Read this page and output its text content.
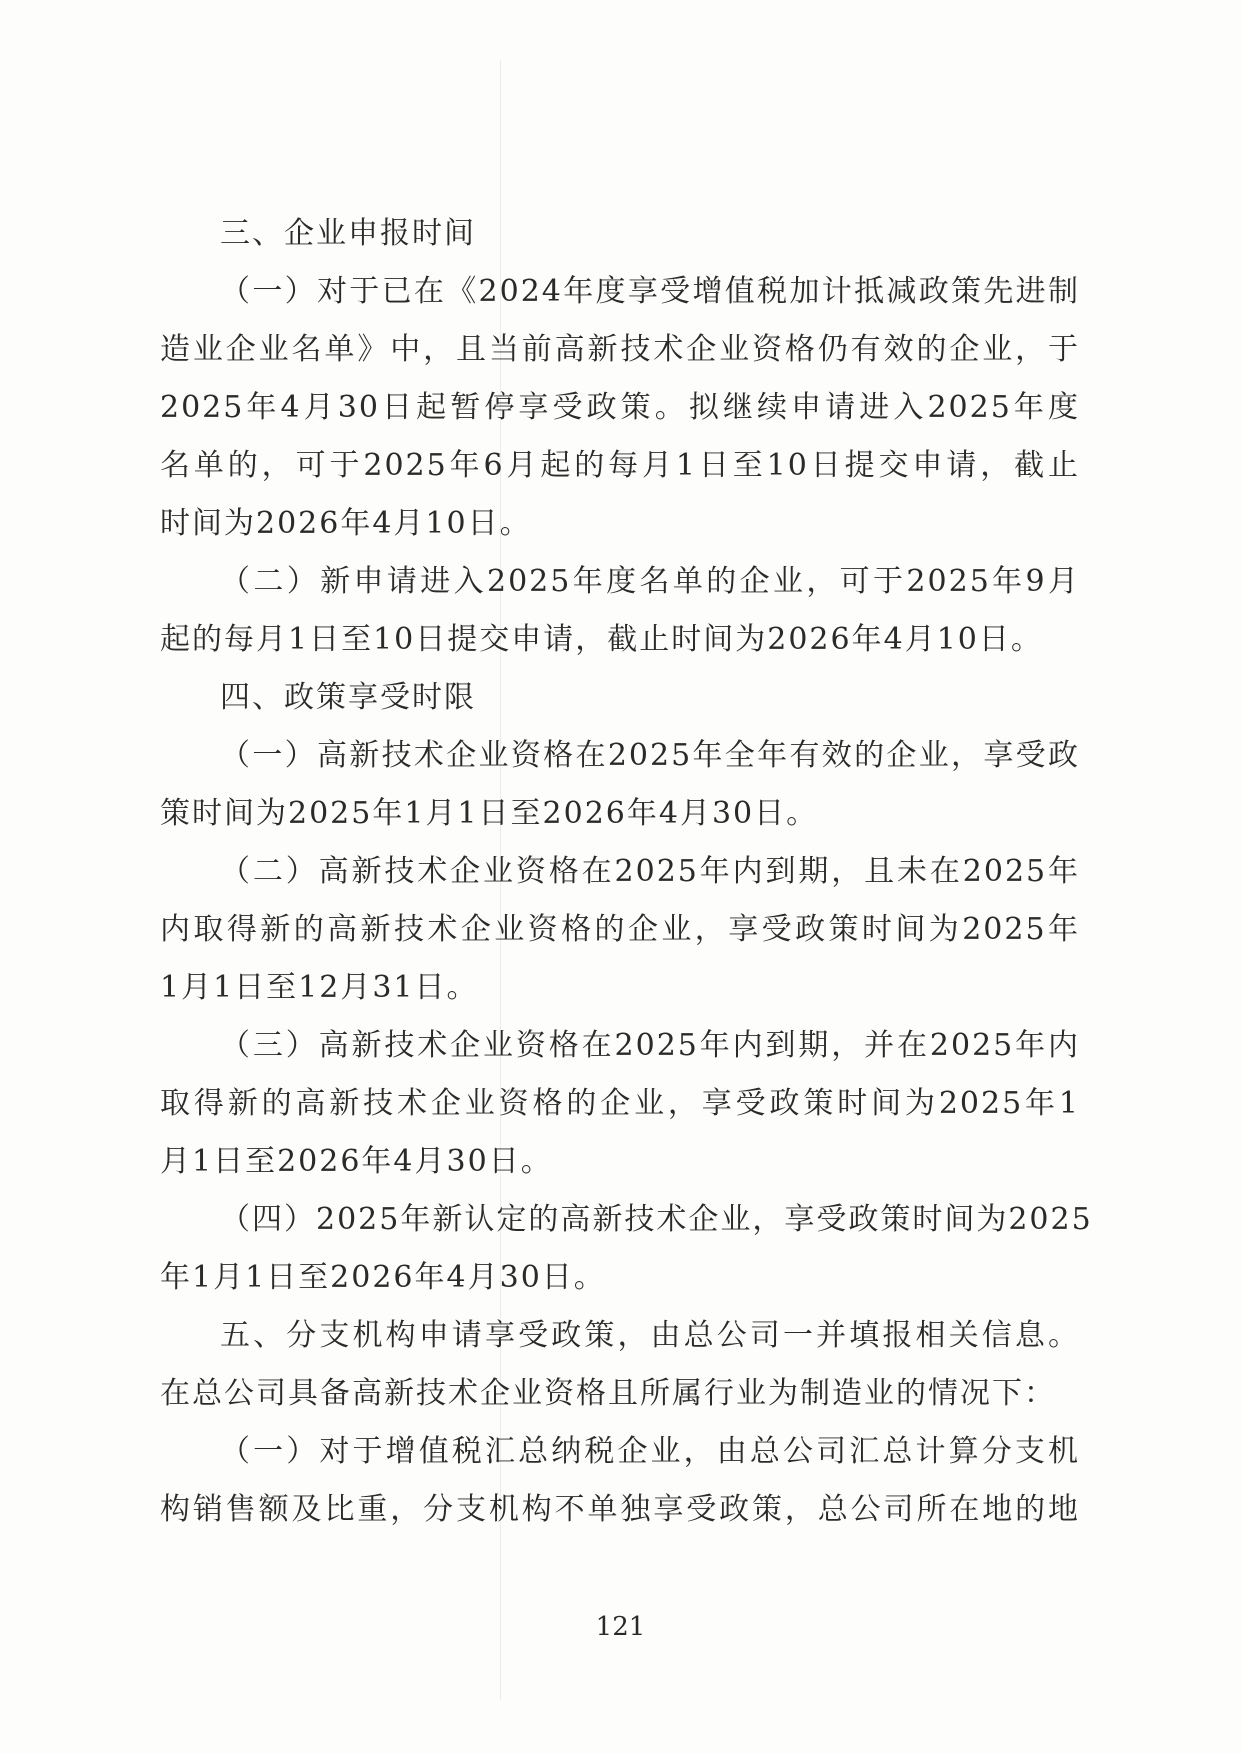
三、企业申报时间
（一）对于已在《2024年度享受增值税加计抵减政策先进制
造业企业名单》中，且当前高新技术企业资格仍有效的企业，于
2025年4月30日起暂停享受政策。拟继续申请进入2025年度
名单的，可于2025年6月起的每月1日至10日提交申请，截止
时间为2026年4月10日。
（二）新申请进入2025年度名单的企业，可于2025年9月
起的每月1日至10日提交申请，截止时间为2026年4月10日。
四、政策享受时限
（一）高新技术企业资格在2025年全年有效的企业，享受政
策时间为2025年1月1日至2026年4月30日。
（二）高新技术企业资格在2025年内到期，且未在2025年
内取得新的高新技术企业资格的企业，享受政策时间为2025年
1月1日至12月31日。
（三）高新技术企业资格在2025年内到期，并在2025年内
取得新的高新技术企业资格的企业，享受政策时间为2025年1
月1日至2026年4月30日。
（四）2025年新认定的高新技术企业，享受政策时间为2025
年1月1日至2026年4月30日。
五、分支机构申请享受政策，由总公司一并填报相关信息。
在总公司具备高新技术企业资格且所属行业为制造业的情况下：
（一）对于增值税汇总纳税企业，由总公司汇总计算分支机
构销售额及比重，分支机构不单独享受政策，总公司所在地的地
121
